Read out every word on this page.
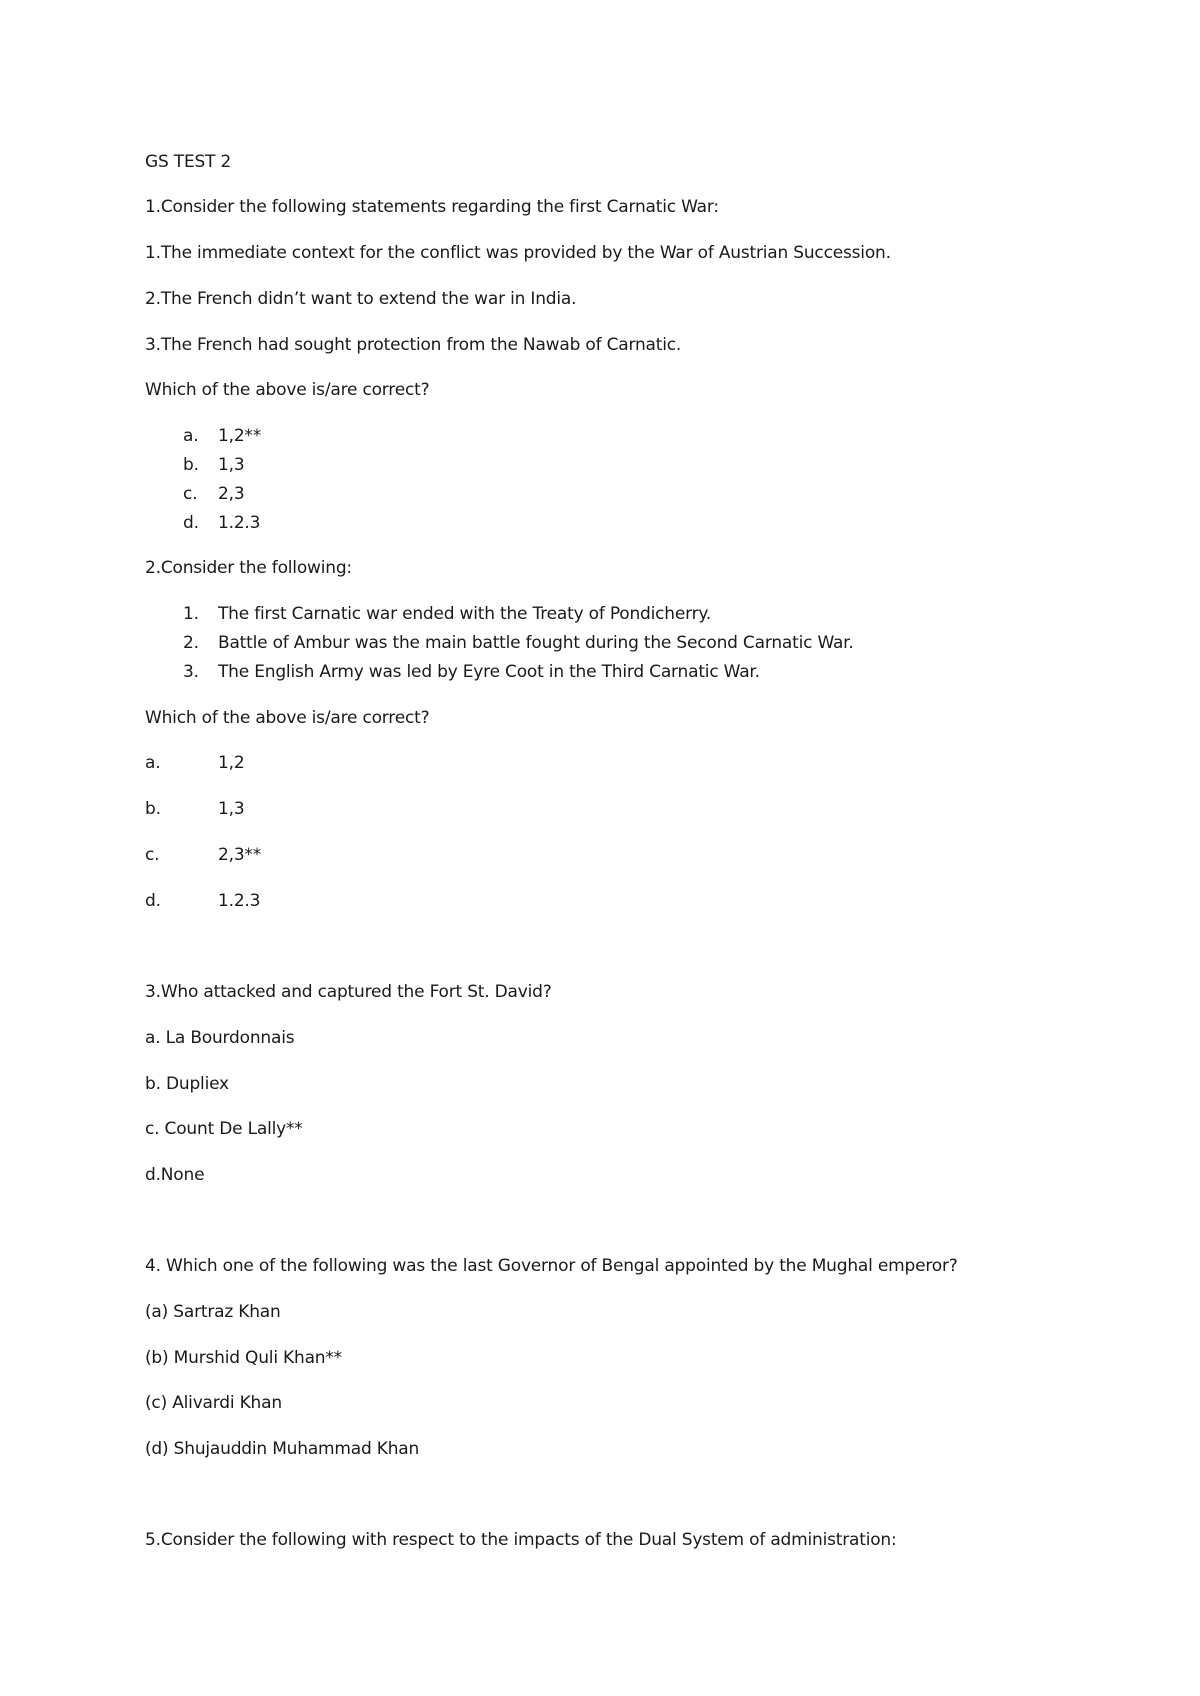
GS TEST 2
1.Consider the following statements regarding the first Carnatic War:
1.The immediate context for the conflict was provided by the War of Austrian Succession.
2.The French didn’t want to extend the war in India.
3.The French had sought protection from the Nawab of Carnatic.
Which of the above is/are correct?
a. 1,2**
b. 1,3
c. 2,3
d. 1.2.3
2.Consider the following:
1. The first Carnatic war ended with the Treaty of Pondicherry.
2. Battle of Ambur was the main battle fought during the Second Carnatic War.
3. The English Army was led by Eyre Coot in the Third Carnatic War.
Which of the above is/are correct?
a.	1,2
b.	1,3
c.	2,3**
d.	1.2.3
3.Who attacked and captured the Fort St. David?
a. La Bourdonnais
b. Dupliex
c. Count De Lally**
d.None
4. Which one of the following was the last Governor of Bengal appointed by the Mughal emperor?
(a) Sartraz Khan
(b) Murshid Quli Khan**
(c) Alivardi Khan
(d) Shujauddin Muhammad Khan
5.Consider the following with respect to the impacts of the Dual System of administration:
